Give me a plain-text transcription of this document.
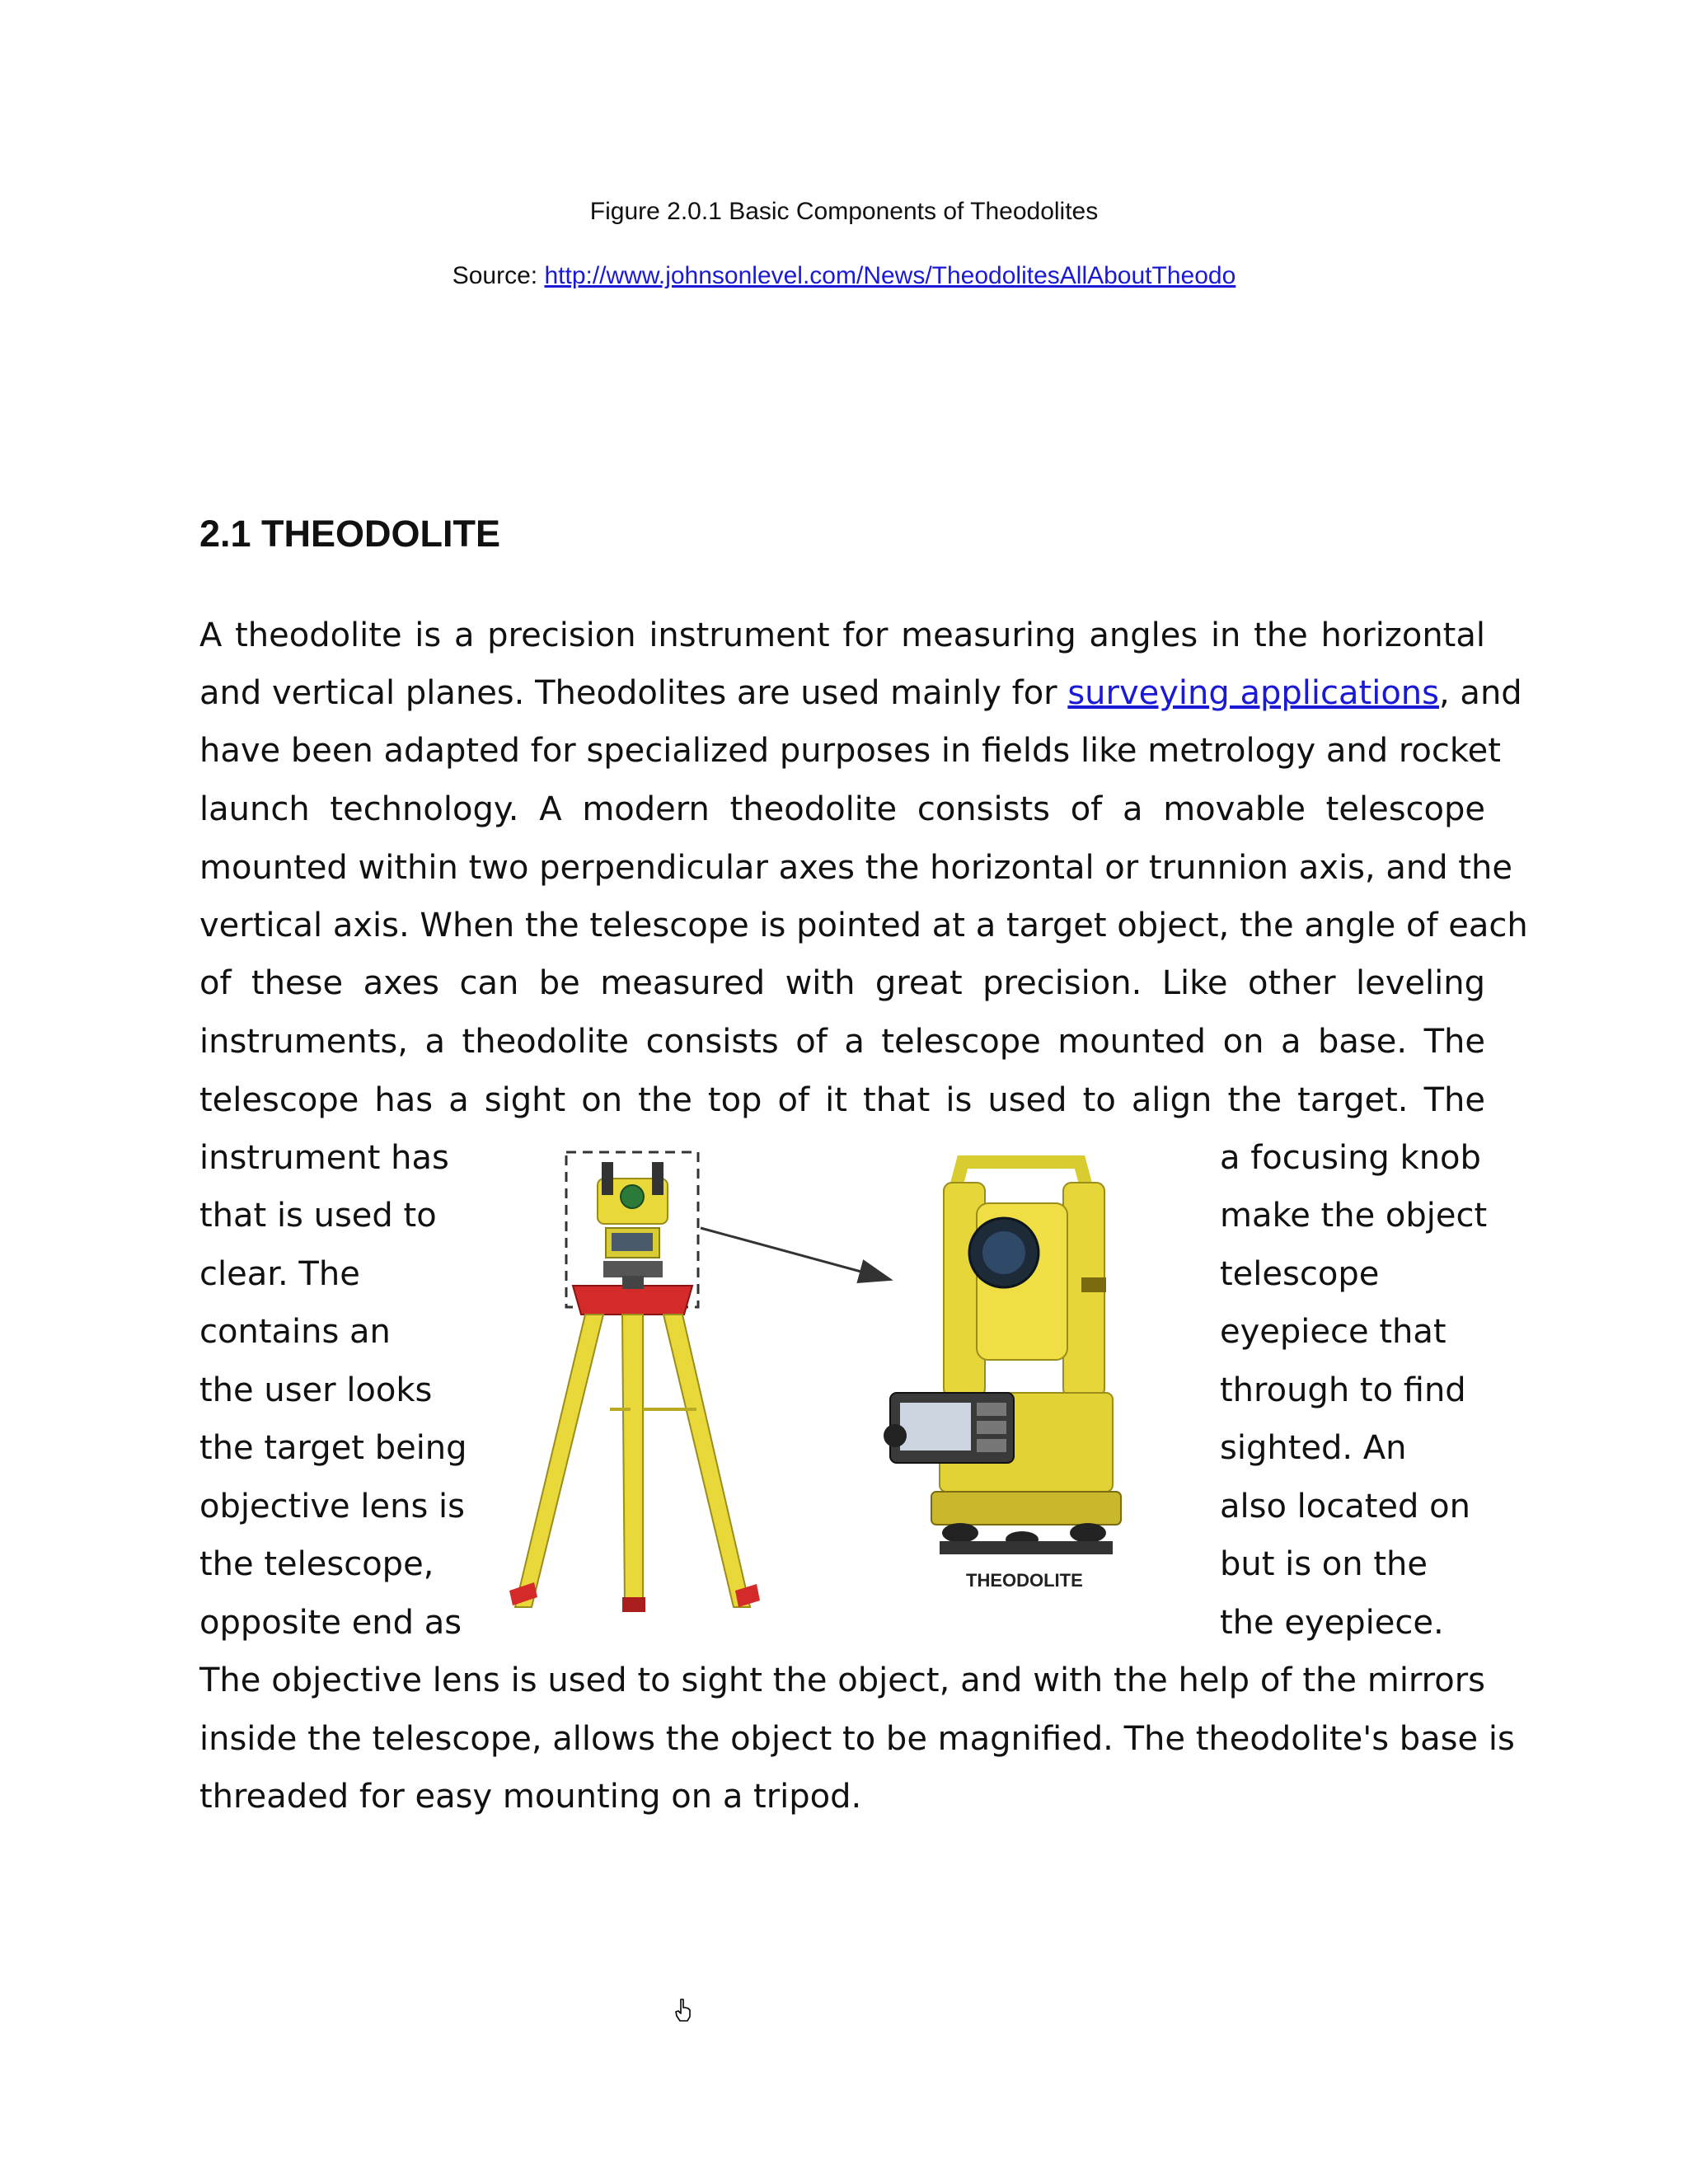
Figure 2.0.1 Basic Components of Theodolites
Source: http://www.johnsonlevel.com/News/TheodolitesAllAboutTheodo
2.1 THEODOLITE
A theodolite is a precision instrument for measuring angles in the horizontal
and vertical planes. Theodolites are used mainly for surveying applications, and
have been adapted for specialized purposes in fields like metrology and rocket
launch technology. A modern theodolite consists of a movable telescope
mounted within two perpendicular axes the horizontal or trunnion axis, and the
vertical axis. When the telescope is pointed at a target object, the angle of each
of these axes can be measured with great precision. Like other leveling
instruments, a theodolite consists of a telescope mounted on a base. The
telescope has a sight on the top of it that is used to align the target. The
instrument has
that is used to
clear. The
contains an
the user looks
the target being
objective lens is
the telescope,
opposite end as
a focusing knob
make the object
telescope
eyepiece that
through to find
sighted. An
also located on
but is on the
the eyepiece.
The objective lens is used to sight the object, and with the help of the mirrors
inside the telescope, allows the object to be magnified. The theodolite's base is
threaded for easy mounting on a tripod.
THEODOLITE
